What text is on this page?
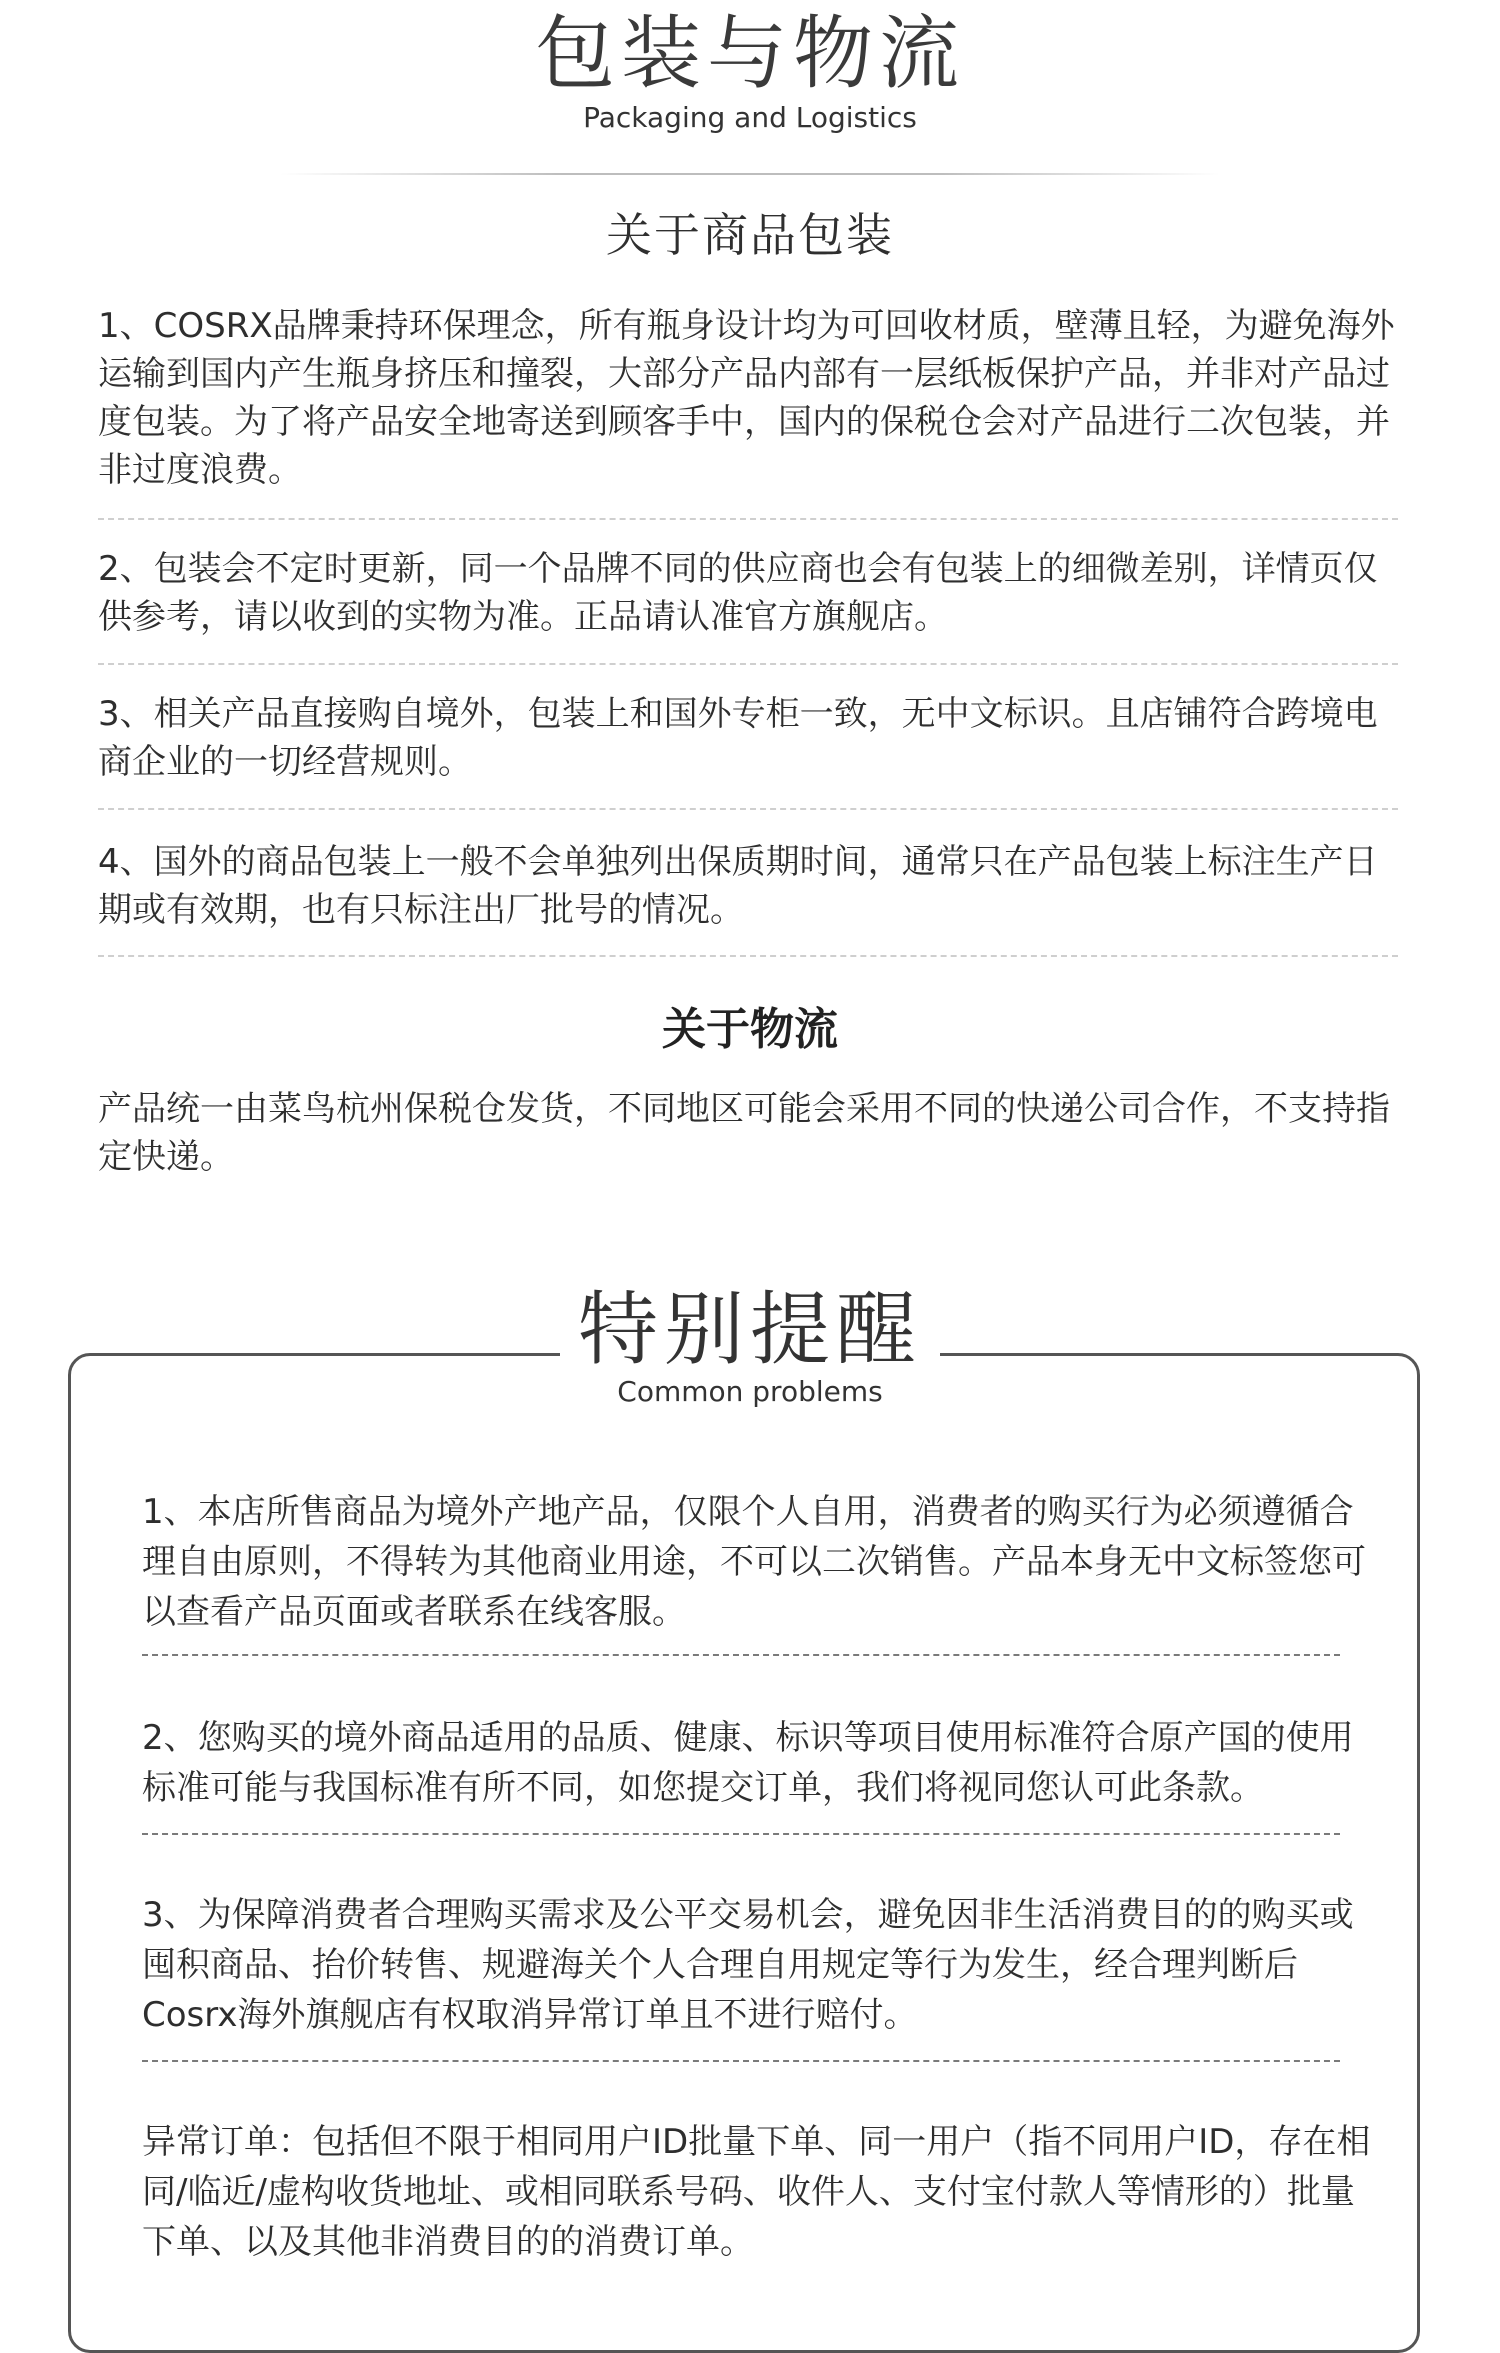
包装与物流
Packaging and Logistics
关于商品包装

1、COSRX品牌秉持环保理念，所有瓶身设计均为可回收材质，壁薄且轻，为避免海外运输到国内产生瓶身挤压和撞裂，大部分产品内部有一层纸板保护产品，并非对产品过度包装。为了将产品安全地寄送到顾客手中，国内的保税仓会对产品进行二次包装，并非过度浪费。

2、包装会不定时更新，同一个品牌不同的供应商也会有包装上的细微差别，详情页仅供参考，请以收到的实物为准。正品请认准官方旗舰店。

3、相关产品直接购自境外，包装上和国外专柜一致，无中文标识。且店铺符合跨境电商企业的一切经营规则。

4、国外的商品包装上一般不会单独列出保质期时间，通常只在产品包装上标注生产日期或有效期，也有只标注出厂批号的情况。

关于物流

产品统一由菜鸟杭州保税仓发货，不同地区可能会采用不同的快递公司合作，不支持指定快递。

特别提醒
Common problems

1、本店所售商品为境外产地产品，仅限个人自用，消费者的购买行为必须遵循合理自由原则，不得转为其他商业用途，不可以二次销售。产品本身无中文标签您可以查看产品页面或者联系在线客服。

2、您购买的境外商品适用的品质、健康、标识等项目使用标准符合原产国的使用标准可能与我国标准有所不同，如您提交订单，我们将视同您认可此条款。

3、为保障消费者合理购买需求及公平交易机会，避免因非生活消费目的的购买或囤积商品、抬价转售、规避海关个人合理自用规定等行为发生，经合理判断后Cosrx海外旗舰店有权取消异常订单且不进行赔付。

异常订单：包括但不限于相同用户ID批量下单、同一用户（指不同用户ID，存在相同/临近/虚构收货地址、或相同联系号码、收件人、支付宝付款人等情形的）批量下单、以及其他非消费目的的消费订单。
